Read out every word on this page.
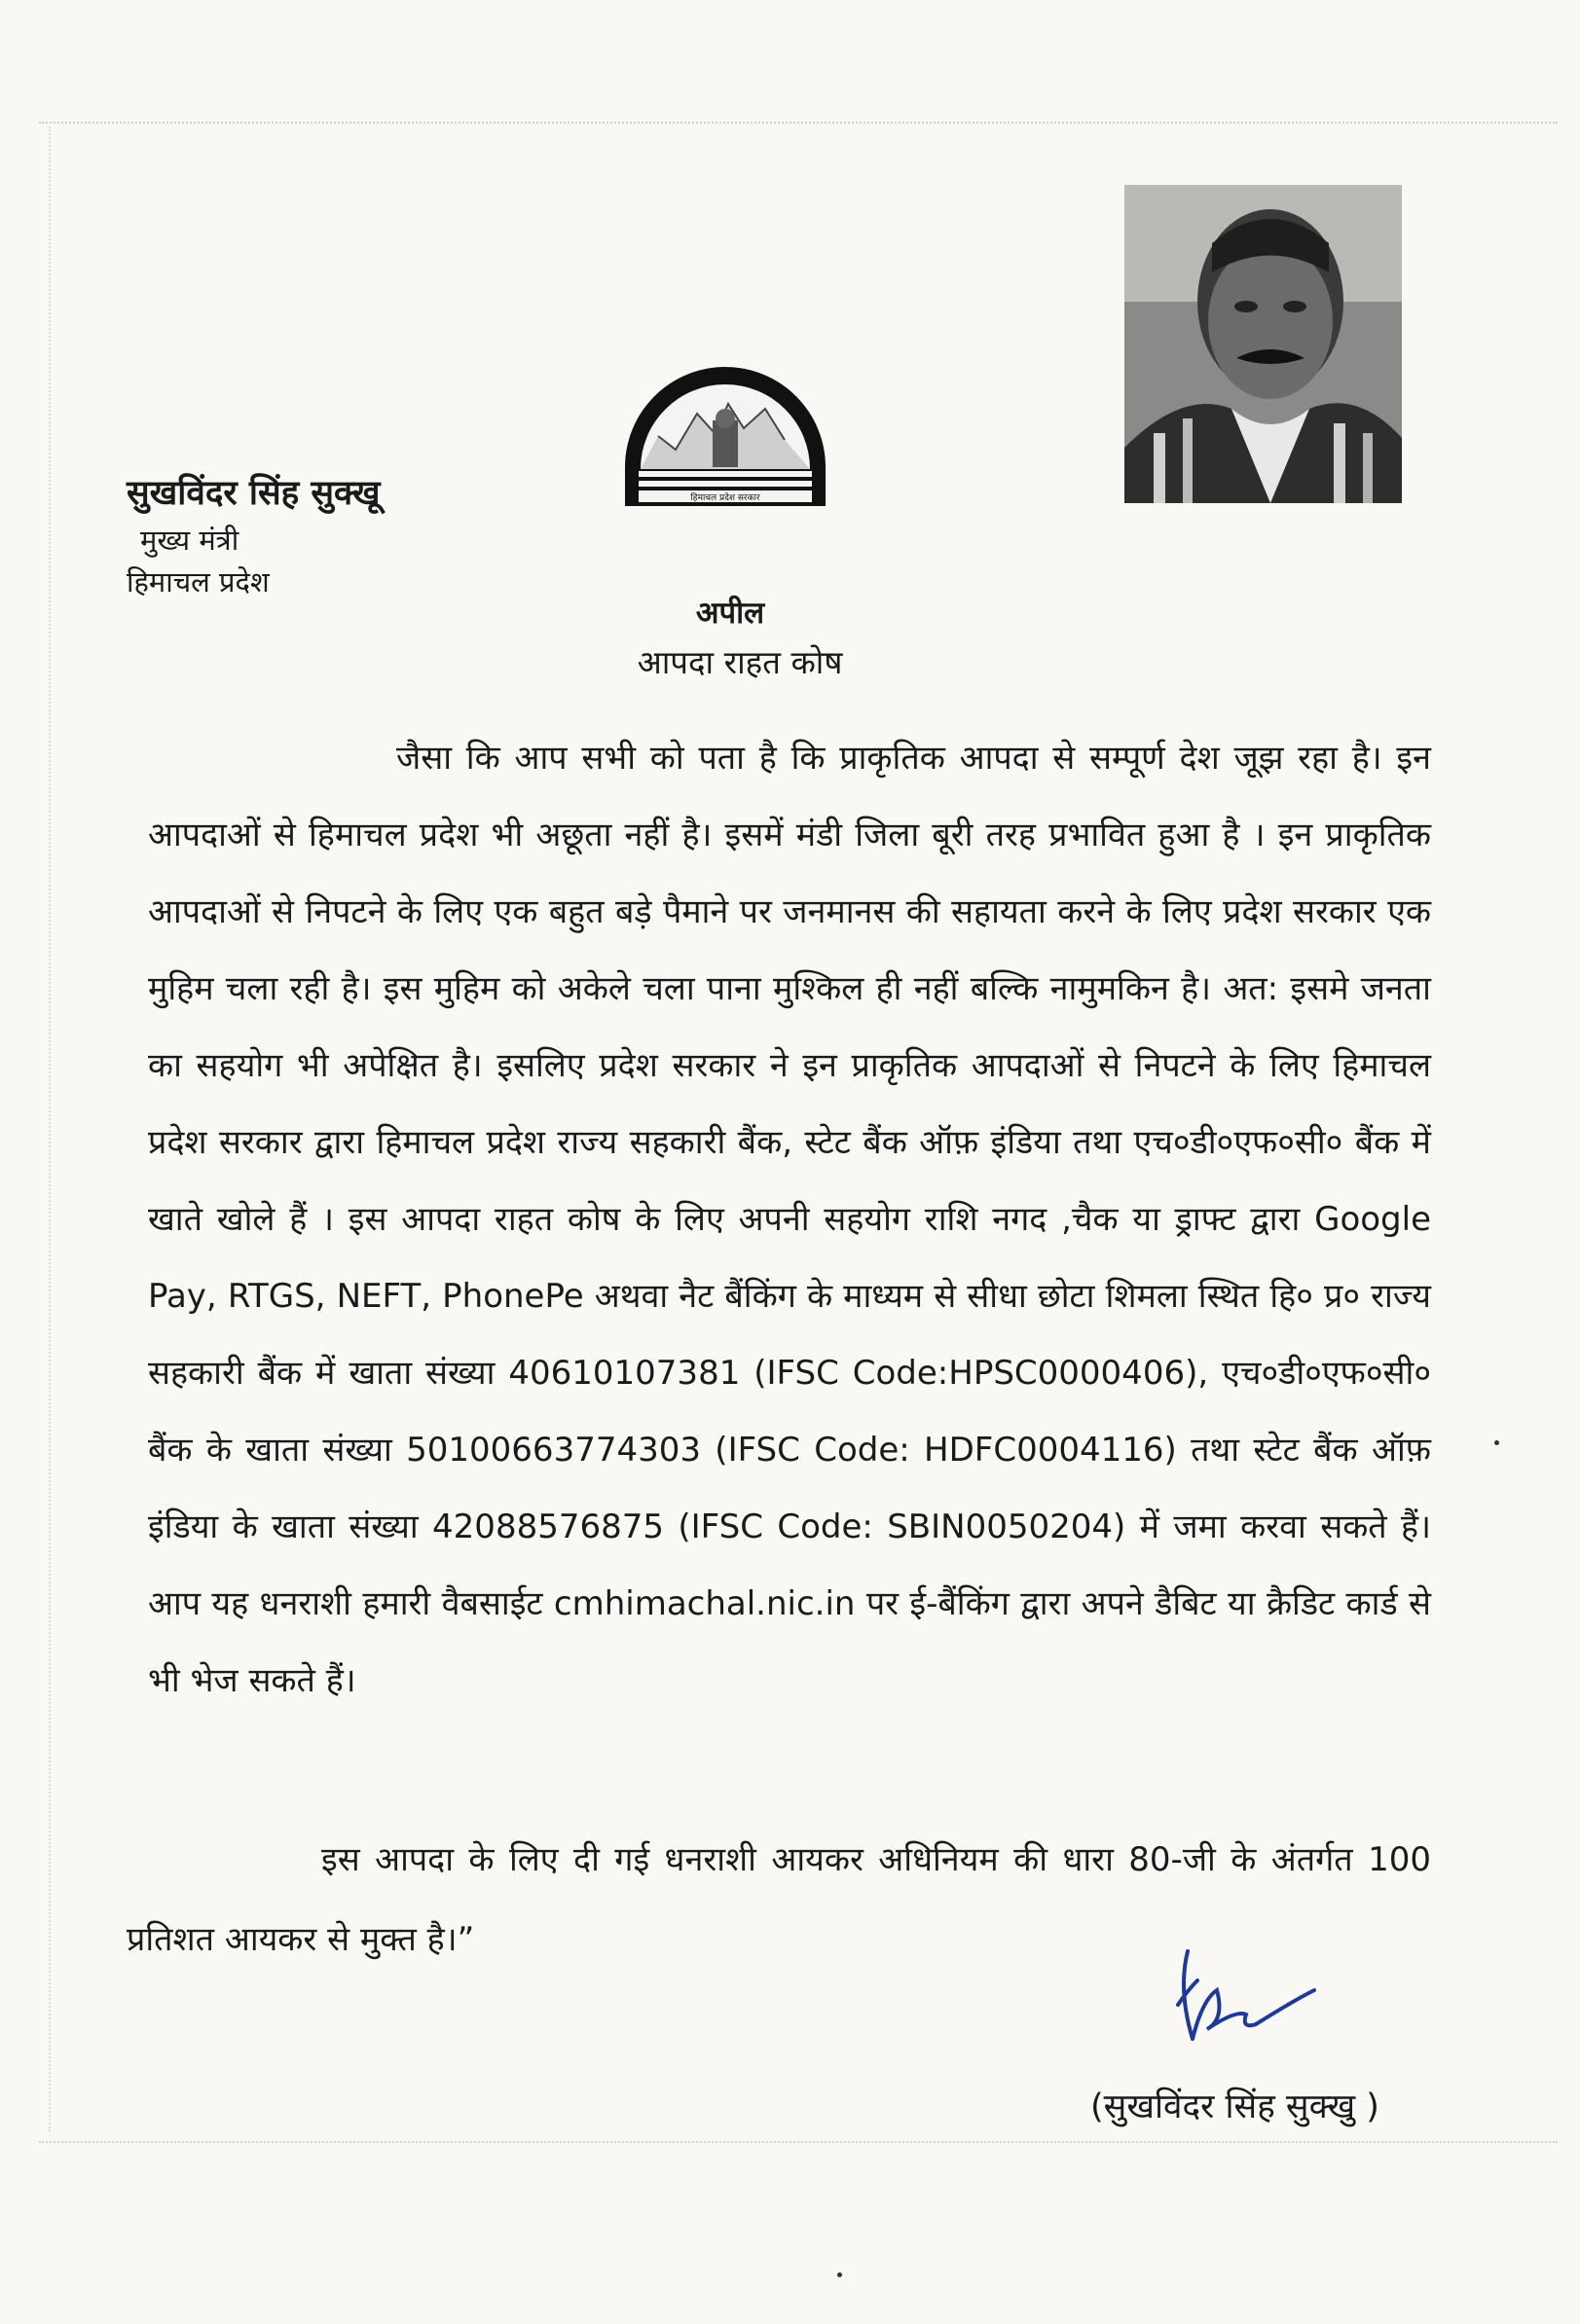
सुखविंदर सिंह सुक्खू

मुख्य मंत्री

हिमाचल प्रदेश

हिमाचल प्रदेश सरकार
अपील
आपदा राहत कोष
जैसा कि आप सभी को पता है कि प्राकृतिक आपदा से सम्पूर्ण देश जूझ रहा है। इन आपदाओं से हिमाचल प्रदेश भी अछूता नहीं है। इसमें मंडी जिला बूरी तरह प्रभावित हुआ है । इन प्राकृतिक आपदाओं से निपटने के लिए एक बहुत बड़े पैमाने पर जनमानस की सहायता करने के लिए प्रदेश सरकार एक मुहिम चला रही है। इस मुहिम को अकेले चला पाना मुश्किल ही नहीं बल्कि नामुमकिन है। अत: इसमे जनता का सहयोग भी अपेक्षित है। इसलिए प्रदेश सरकार ने इन प्राकृतिक आपदाओं से निपटने के लिए हिमाचल प्रदेश सरकार द्वारा हिमाचल प्रदेश राज्य सहकारी बैंक, स्टेट बैंक ऑफ़ इंडिया तथा एच०डी०एफ०सी० बैंक में खाते खोले हैं । इस आपदा राहत कोष के लिए अपनी सहयोग राशि नगद ,चैक या ड्राफ्ट द्वारा Google Pay, RTGS, NEFT, PhonePe अथवा नैट बैंकिंग के माध्यम से सीधा छोटा शिमला स्थित हि० प्र० राज्य सहकारी बैंक में खाता संख्या 40610107381 (IFSC Code:HPSC0000406), एच०डी०एफ०सी० बैंक के खाता संख्या 50100663774303 (IFSC Code: HDFC0004116) तथा स्टेट बैंक ऑफ़ इंडिया के खाता संख्या 42088576875 (IFSC Code: SBIN0050204) में जमा करवा सकते हैं। आप यह धनराशी हमारी वैबसाईट cmhimachal.nic.in पर ई-बैंकिंग द्वारा अपने डैबिट या क्रैडिट कार्ड से भी भेज सकते हैं।
इस आपदा के लिए दी गई धनराशी आयकर अधिनियम की धारा 80-जी के अंतर्गत 100 प्रतिशत आयकर से मुक्त है।”
(सुखविंदर सिंह सुक्खु )
